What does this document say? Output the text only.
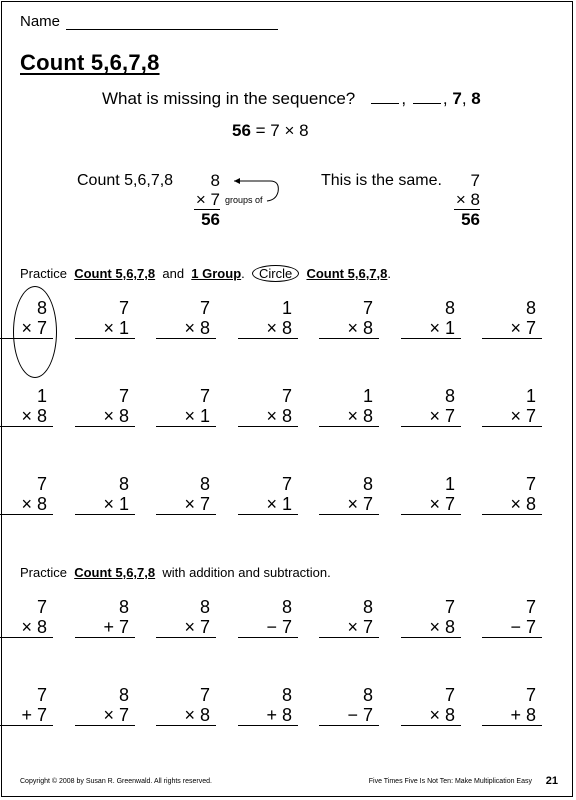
Name
Count 5,6,7,8
What is missing in the sequence?	, , 7, 8
56 = 7 × 8
Count 5,6,7,8 8
× 7
56
groups of
This is the same. 7
× 8
56
Practice Count 5,6,7,8 and 1 Group. Circle Count 5,6,7,8.
Practice Count 5,6,7,8 with addition and subtraction.
8
× 7
7
× 1
7
× 8
1
× 8
7
× 8
8
× 1
8
× 7
1
× 8
7
× 8
7
× 1
7
× 8
1
× 8
8
× 7
1
× 7
7
× 8
8
× 1
8
× 7
7
× 1
8
× 7
1
× 7
7
× 8
7
× 8
8
+ 7
8
× 7
8
− 7
8
× 7
7
× 8
7
− 7
7
+ 7
8
× 7
7
× 8
8
+ 8
8
− 7
7
× 8
7
+ 8
Copyright © 2008 by Susan R. Greenwald. All rights reserved.	Five Times Five Is Not Ten: Make Multiplication Easy 21
